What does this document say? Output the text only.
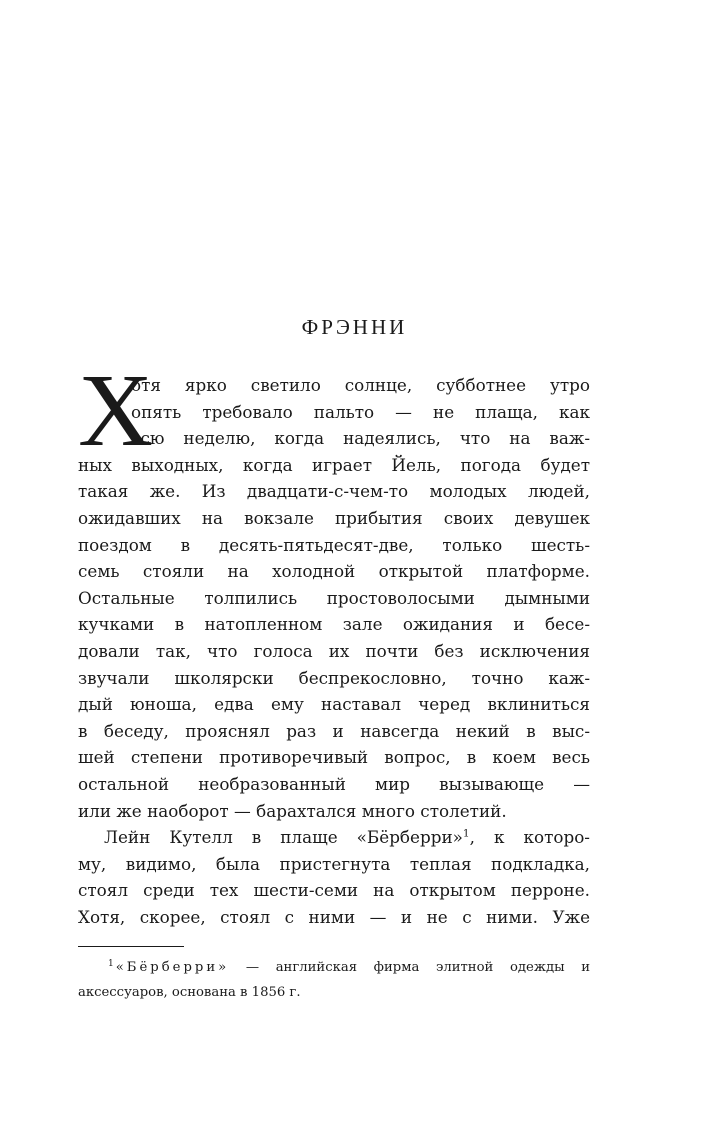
ФРЭННИ
Х
отя ярко светило солнце, субботнее утро
опять требовало пальто — не плаща, как
всю неделю, когда надеялись, что на важ-
ных выходных, когда играет Йель, погода будет
такая же. Из двадцати-с-чем-то молодых людей,
ожидавших на вокзале прибытия своих девушек
поездом в десять-пятьдесят-две, только шесть-
семь стояли на холодной открытой платформе.
Остальные толпились простоволосыми дымными
кучками в натопленном зале ожидания и бесе-
довали так, что голоса их почти без исключения
звучали школярски беспрекословно, точно каж-
дый юноша, едва ему наставал черед вклиниться
в беседу, прояснял раз и навсегда некий в выс-
шей степени противоречивый вопрос, в коем весь
остальной необразованный мир вызывающе —
или же наоборот — барахтался много столетий.
Лейн Кутелл в плаще «Бёрберри»$^1$, к которо-
му, видимо, была пристегнута теплая подкладка,
стоял среди тех шести-семи на открытом перроне.
Хотя, скорее, стоял с ними — и не с ними. Уже
$^1$ «Бёрберри» — английская фирма элитной одежды и
аксессуаров, основана в 1856 г.
